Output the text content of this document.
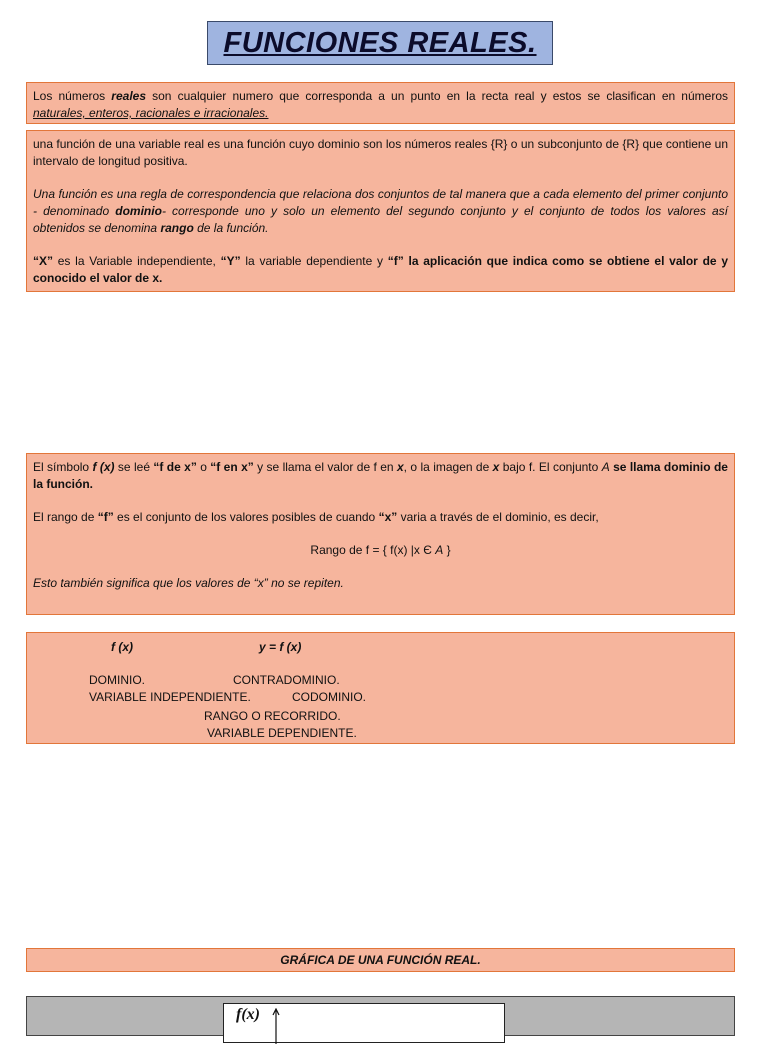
FUNCIONES REALES.

Los números reales son cualquier numero que corresponda a un punto en la recta real y estos se clasifican en números naturales, enteros, racionales e irracionales.

una función de una variable real es una función cuyo dominio son los números reales {R} o un subconjunto de {R} que contiene un intervalo de longitud positiva.

Una función es una regla de correspondencia que relaciona dos conjuntos de tal manera que a cada elemento del primer conjunto - denominado dominio- corresponde uno y solo un elemento del segundo conjunto y el conjunto de todos los valores así obtenidos se denomina rango de la función.

“X” es la Variable independiente, “Y” la variable dependiente y “f” la aplicación que indica como se obtiene el valor de y conocido el valor de x.

El símbolo f (x) se leé “f de x” o “f en x” y se llama el valor de f en x, o la imagen de x bajo f. El conjunto A se llama dominio de la función.

El rango de “f” es el conjunto de los valores posibles de cuando “x” varia a través de el dominio, es decir,

Rango de f = { f(x) |x Є A }

Esto también significa que los valores de “x” no se repiten.

f (x)	y = f (x)
DOMINIO.	CONTRADOMINIO.
VARIABLE INDEPENDIENTE.	CODOMINIO.
RANGO O RECORRIDO.
VARIABLE DEPENDIENTE.

GRÁFICA DE UNA FUNCIÓN REAL.

f(x)
